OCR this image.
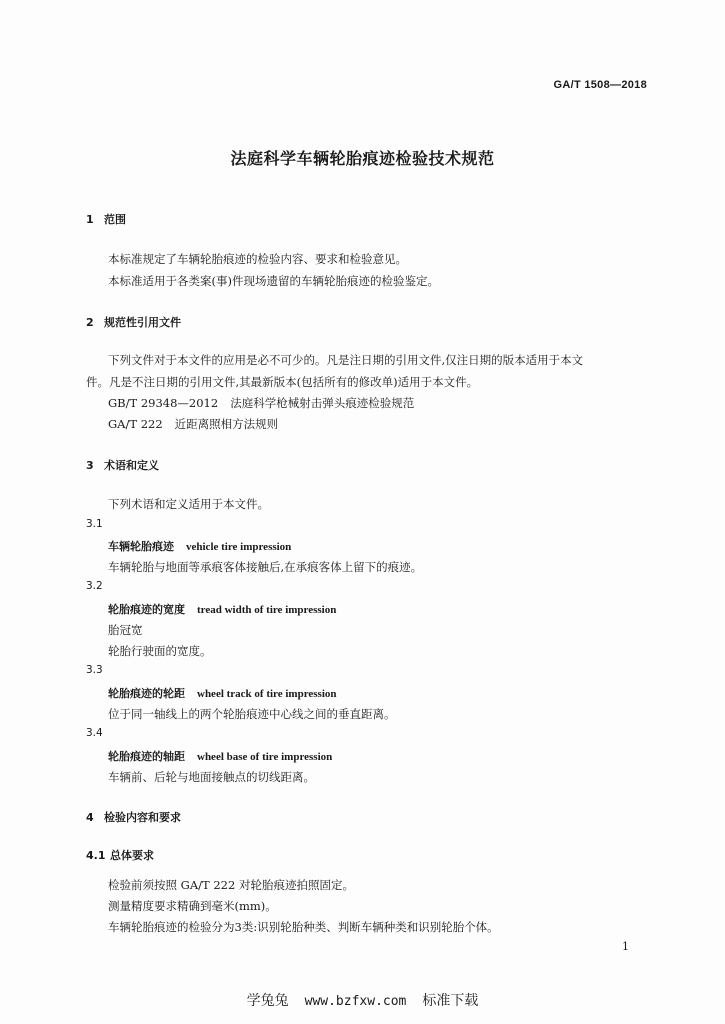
GA/T 1508—2018
法庭科学车辆轮胎痕迹检验技术规范
1 范围
本标准规定了车辆轮胎痕迹的检验内容、要求和检验意见。
本标准适用于各类案(事)件现场遗留的车辆轮胎痕迹的检验鉴定。
2 规范性引用文件
下列文件对于本文件的应用是必不可少的。凡是注日期的引用文件,仅注日期的版本适用于本文
件。凡是不注日期的引用文件,其最新版本(包括所有的修改单)适用于本文件。
GB/T 29348—2012 法庭科学枪械射击弹头痕迹检验规范
GA/T 222 近距离照相方法规则
3 术语和定义
下列术语和定义适用于本文件。
3.1
车辆轮胎痕迹 vehicle tire impression
车辆轮胎与地面等承痕客体接触后,在承痕客体上留下的痕迹。
3.2
轮胎痕迹的宽度 tread width of tire impression
胎冠宽
轮胎行驶面的宽度。
3.3
轮胎痕迹的轮距 wheel track of tire impression
位于同一轴线上的两个轮胎痕迹中心线之间的垂直距离。
3.4
轮胎痕迹的轴距 wheel base of tire impression
车辆前、后轮与地面接触点的切线距离。
4 检验内容和要求
4.1 总体要求
检验前须按照 GA/T 222 对轮胎痕迹拍照固定。
测量精度要求精确到毫米(mm)。
车辆轮胎痕迹的检验分为3类:识别轮胎种类、判断车辆种类和识别轮胎个体。
1
学兔兔 www.bzfxw.com 标准下载
